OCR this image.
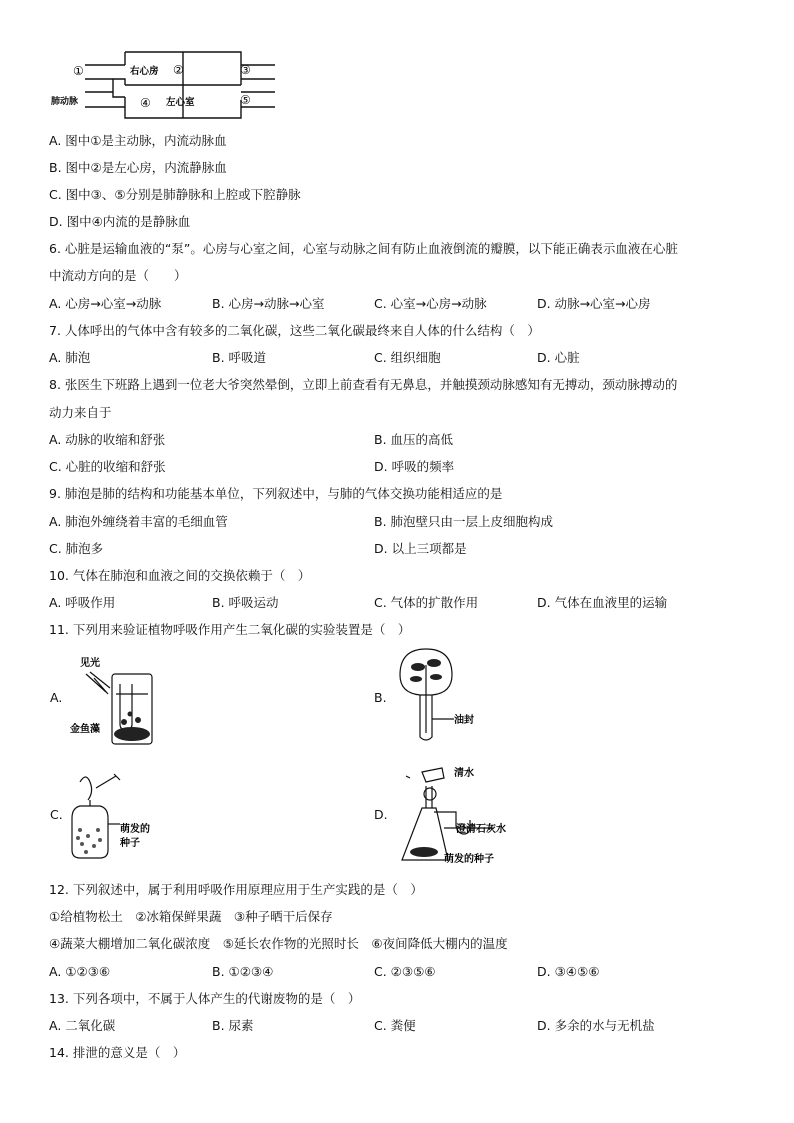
①	右心房 ②
④ 左心室
肺动脉
③
⑤
A. 图中①是主动脉，内流动脉血
B. 图中②是左心房，内流静脉血
C. 图中③、⑤分别是肺静脉和上腔或下腔静脉
D. 图中④内流的是静脉血
6. 心脏是运输血液的“泵”。心房与心室之间，心室与动脉之间有防止血液倒流的瓣膜，以下能正确表示血液在心脏
中流动方向的是（　　）
A. 心房→心室→动脉	B. 心房→动脉→心室	C. 心室→心房→动脉	D. 动脉→心室→心房
7. 人体呼出的气体中含有较多的二氧化碳，这些二氧化碳最终来自人体的什么结构（　）
A. 肺泡	B. 呼吸道	C. 组织细胞	D. 心脏
8. 张医生下班路上遇到一位老大爷突然晕倒，立即上前查看有无鼻息，并触摸颈动脉感知有无搏动，颈动脉搏动的
动力来自于
A. 动脉的收缩和舒张	B. 血压的高低
C. 心脏的收缩和舒张	D. 呼吸的频率
9. 肺泡是肺的结构和功能基本单位，下列叙述中，与肺的气体交换功能相适应的是
A. 肺泡外缠绕着丰富的毛细血管	B. 肺泡壁只由一层上皮细胞构成
C. 肺泡多	D. 以上三项都是
10. 气体在肺泡和血液之间的交换依赖于（　）
A. 呼吸作用	B. 呼吸运动	C. 气体的扩散作用	D. 气体在血液里的运输
11. 下列用来验证植物呼吸作用产生二氧化碳的实验装置是（　）
A.
见光
金鱼藻
B.
油封
C.
萌发的
种子
D.
清水
澄清石灰水
萌发的种子
12. 下列叙述中，属于利用呼吸作用原理应用于生产实践的是（　）
①给植物松土　②冰箱保鲜果蔬　③种子晒干后保存
④蔬菜大棚增加二氧化碳浓度　⑤延长农作物的光照时长　⑥夜间降低大棚内的温度
A. ①②③⑥	B. ①②③④	C. ②③⑤⑥	D. ③④⑤⑥
13. 下列各项中，不属于人体产生的代谢废物的是（　）
A. 二氧化碳	B. 尿素	C. 粪便	D. 多余的水与无机盐
14. 排泄的意义是（　）
